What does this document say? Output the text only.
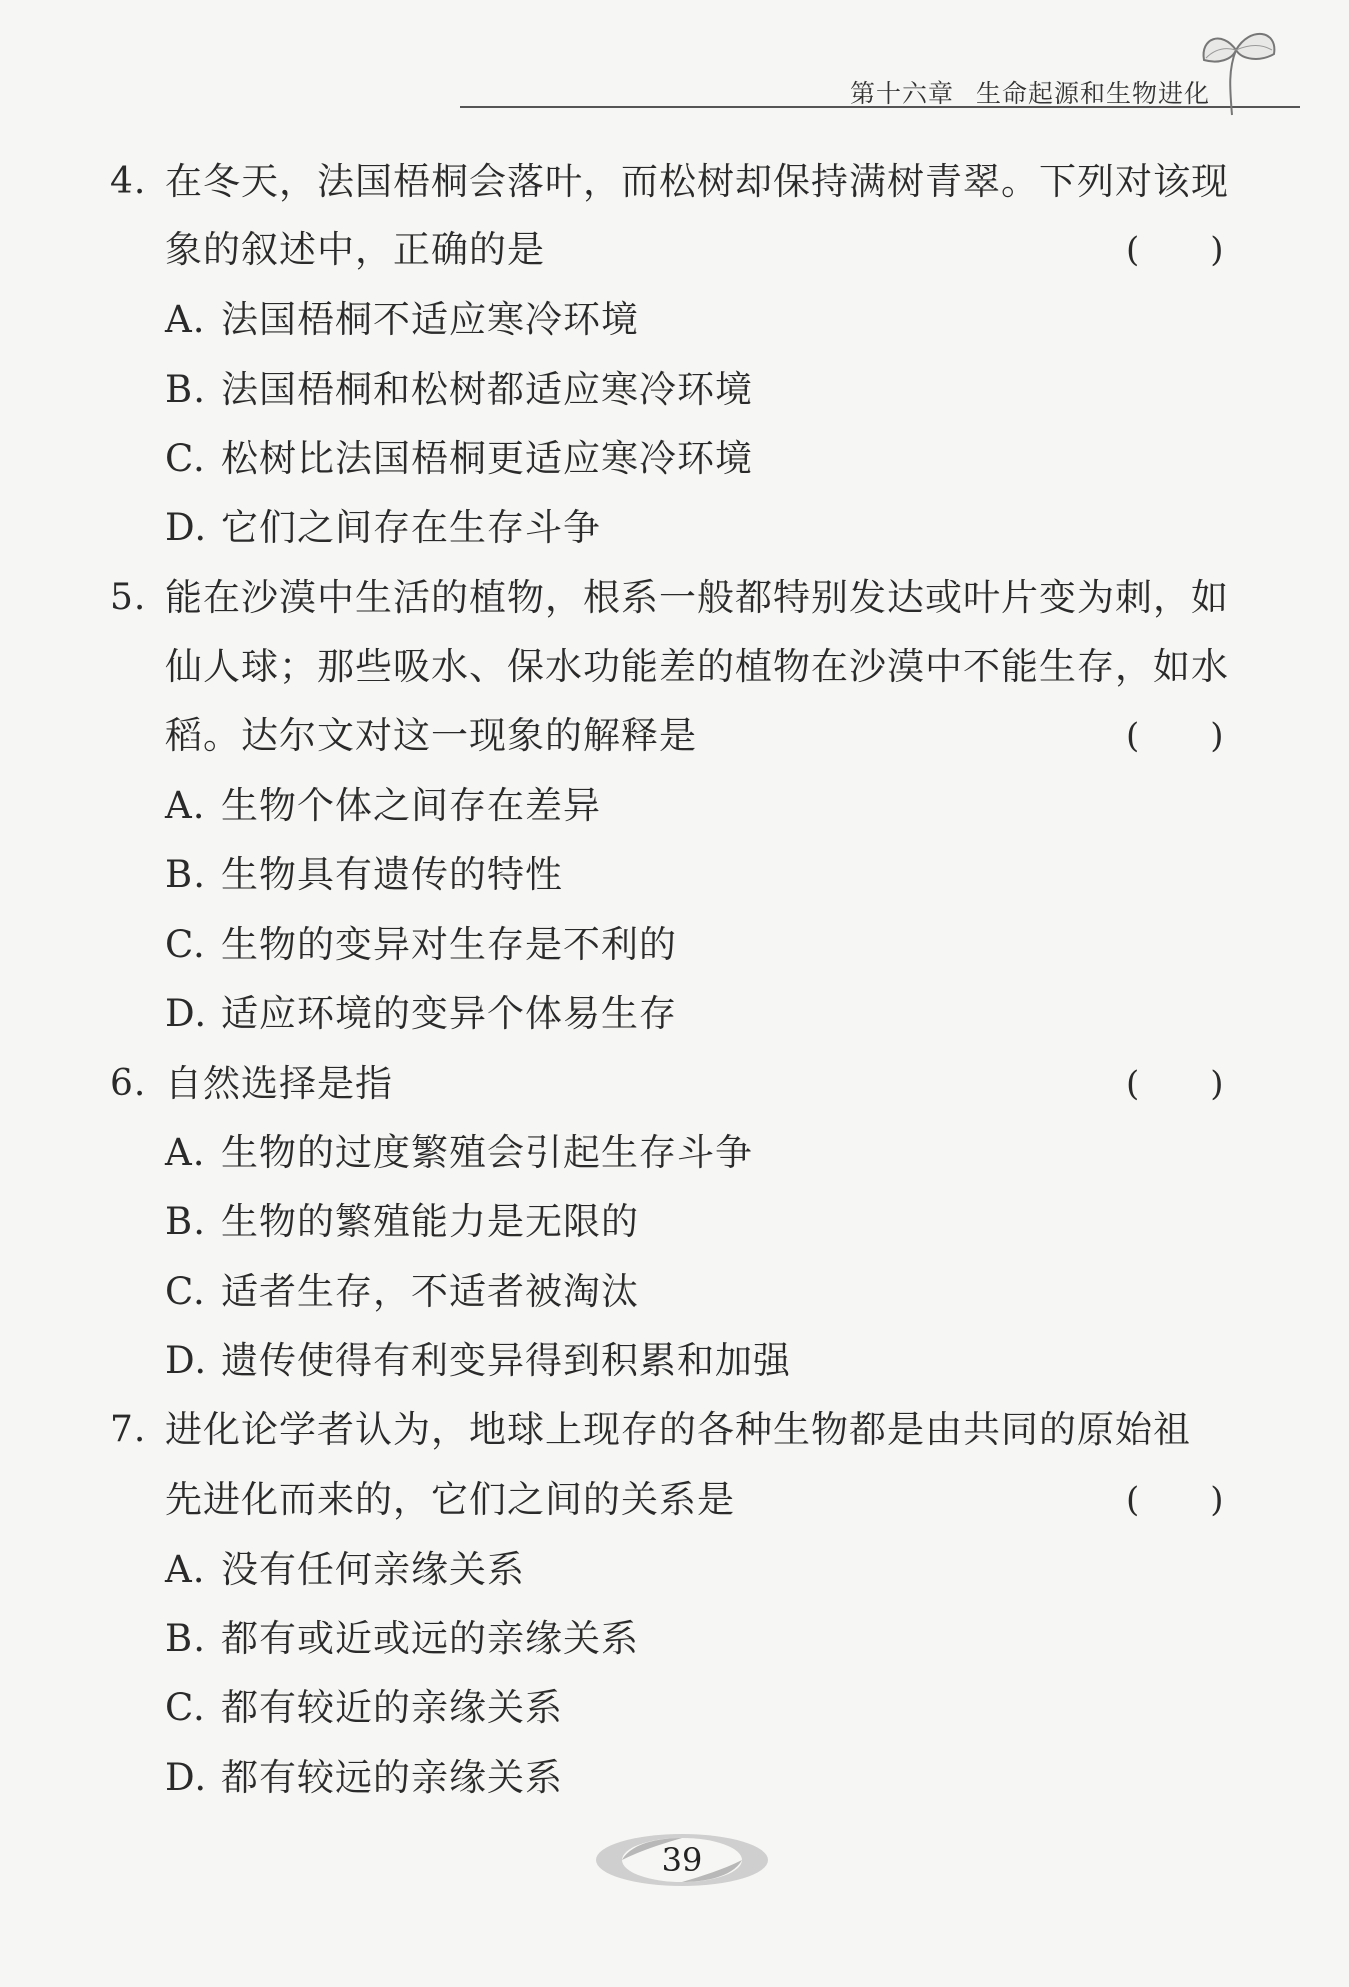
第十六章 生命起源和生物进化
4. 在冬天，法国梧桐会落叶，而松树却保持满树青翠。下列对该现
象的叙述中，正确的是	(　　)
A. 法国梧桐不适应寒冷环境
B. 法国梧桐和松树都适应寒冷环境
C. 松树比法国梧桐更适应寒冷环境
D. 它们之间存在生存斗争
5. 能在沙漠中生活的植物，根系一般都特别发达或叶片变为刺，如
仙人球；那些吸水、保水功能差的植物在沙漠中不能生存，如水
稻。达尔文对这一现象的解释是	(　　)
A. 生物个体之间存在差异
B. 生物具有遗传的特性
C. 生物的变异对生存是不利的
D. 适应环境的变异个体易生存
6. 自然选择是指	(　　)
A. 生物的过度繁殖会引起生存斗争
B. 生物的繁殖能力是无限的
C. 适者生存，不适者被淘汰
D. 遗传使得有利变异得到积累和加强
7. 进化论学者认为，地球上现存的各种生物都是由共同的原始祖
先进化而来的，它们之间的关系是	(　　)
A. 没有任何亲缘关系
B. 都有或近或远的亲缘关系
C. 都有较近的亲缘关系
D. 都有较远的亲缘关系
39
